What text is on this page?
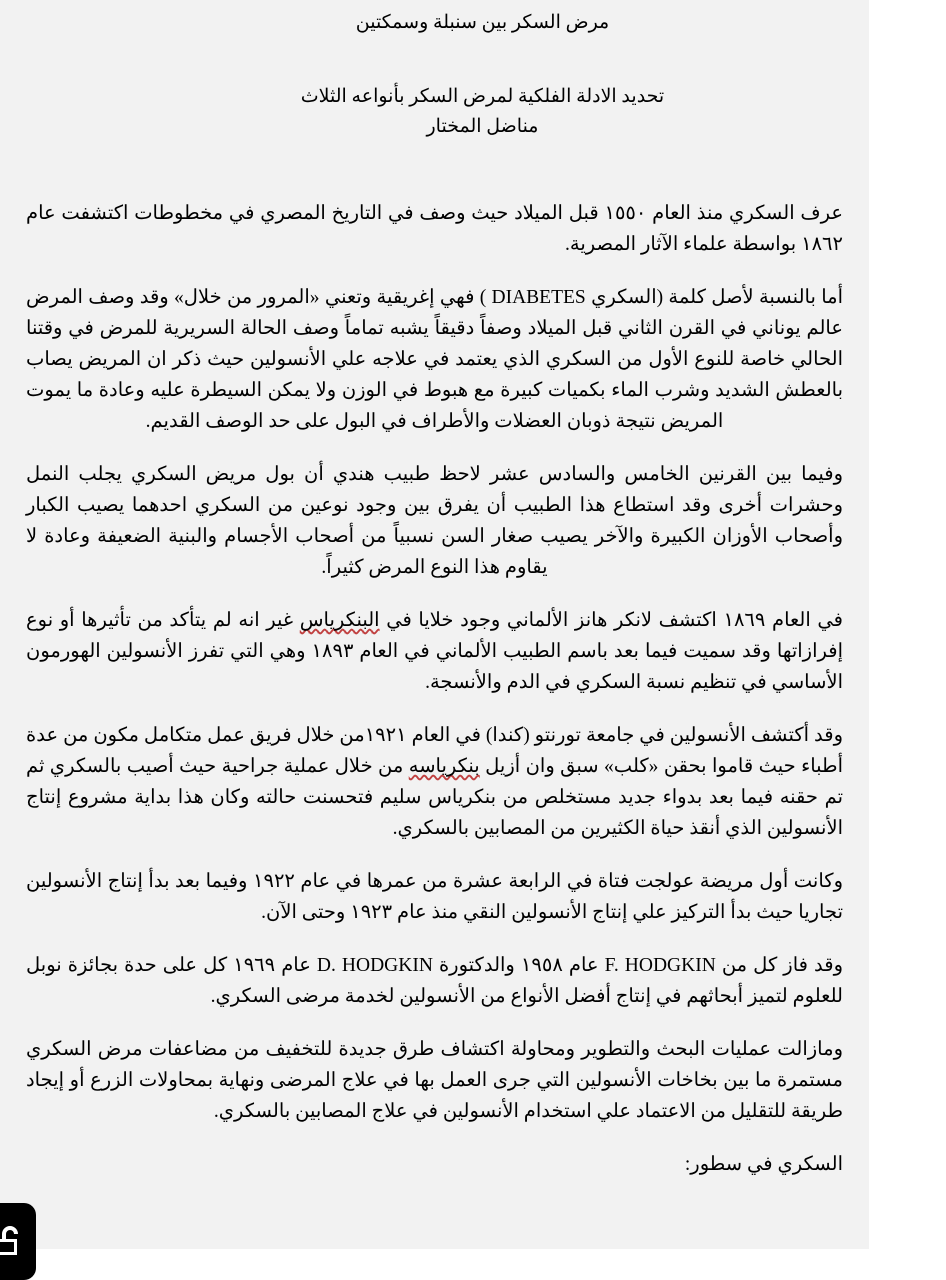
مرض السكر بين سنبلة وسمكتين
تحديد الادلة الفلكية لمرض السكر بأنواعه الثلاث
مناضل المختار

عرف السكري منذ العام ١٥٥٠ قبل الميلاد حيث وصف في التاريخ المصري في مخطوطات اكتشفت عام ١٨٦٢ بواسطة علماء الآثار المصرية.

أما بالنسبة لأصل كلمة (السكري DIABETES ) فهي إغريقية وتعني «المرور من خلال» وقد وصف المرض عالم يوناني في القرن الثاني قبل الميلاد وصفاً دقيقاً يشبه تماماً وصف الحالة السريرية للمرض في وقتنا الحالي خاصة للنوع الأول من السكري الذي يعتمد في علاجه علي الأنسولين حيث ذكر ان المريض يصاب بالعطش الشديد وشرب الماء بكميات كبيرة مع هبوط في الوزن ولا يمكن السيطرة عليه وعادة ما يموت المريض نتيجة ذوبان العضلات والأطراف في البول على حد الوصف القديم.

وفيما بين القرنين الخامس والسادس عشر لاحظ طبيب هندي أن بول مريض السكري يجلب النمل وحشرات أخرى وقد استطاع هذا الطبيب أن يفرق بين وجود نوعين من السكري احدهما يصيب الكبار وأصحاب الأوزان الكبيرة والآخر يصيب صغار السن نسبياً من أصحاب الأجسام والبنية الضعيفة وعادة لا يقاوم هذا النوع المرض كثيراً.

في العام ١٨٦٩ اكتشف لانكر هانز الألماني وجود خلايا في البنكرياس غير انه لم يتأكد من تأثيرها أو نوع إفرازاتها وقد سميت فيما بعد باسم الطبيب الألماني في العام ١٨٩٣ وهي التي تفرز الأنسولين الهورمون الأساسي في تنظيم نسبة السكري في الدم والأنسجة.

وقد أكتشف الأنسولين في جامعة تورنتو (كندا) في العام ١٩٢١من خلال فريق عمل متكامل مكون من عدة أطباء حيث قاموا بحقن «كلب» سبق وان أزيل بنكرياسه من خلال عملية جراحية حيث أصيب بالسكري ثم تم حقنه فيما بعد بدواء جديد مستخلص من بنكرياس سليم فتحسنت حالته وكان هذا بداية مشروع إنتاج الأنسولين الذي أنقذ حياة الكثيرين من المصابين بالسكري.

وكانت أول مريضة عولجت فتاة في الرابعة عشرة من عمرها في عام ١٩٢٢ وفيما بعد بدأ إنتاج الأنسولين تجاريا حيث بدأ التركيز علي إنتاج الأنسولين النقي منذ عام ١٩٢٣ وحتى الآن.

وقد فاز كل من F. HODGKIN عام ١٩٥٨ والدكتورة D. HODGKIN عام ١٩٦٩ كل على حدة بجائزة نوبل للعلوم لتميز أبحاثهم في إنتاج أفضل الأنواع من الأنسولين لخدمة مرضى السكري.

ومازالت عمليات البحث والتطوير ومحاولة اكتشاف طرق جديدة للتخفيف من مضاعفات مرض السكري مستمرة ما بين بخاخات الأنسولين التي جرى العمل بها في علاج المرضى ونهاية بمحاولات الزرع أو إيجاد طريقة للتقليل من الاعتماد علي استخدام الأنسولين في علاج المصابين بالسكري.

السكري في سطور:
